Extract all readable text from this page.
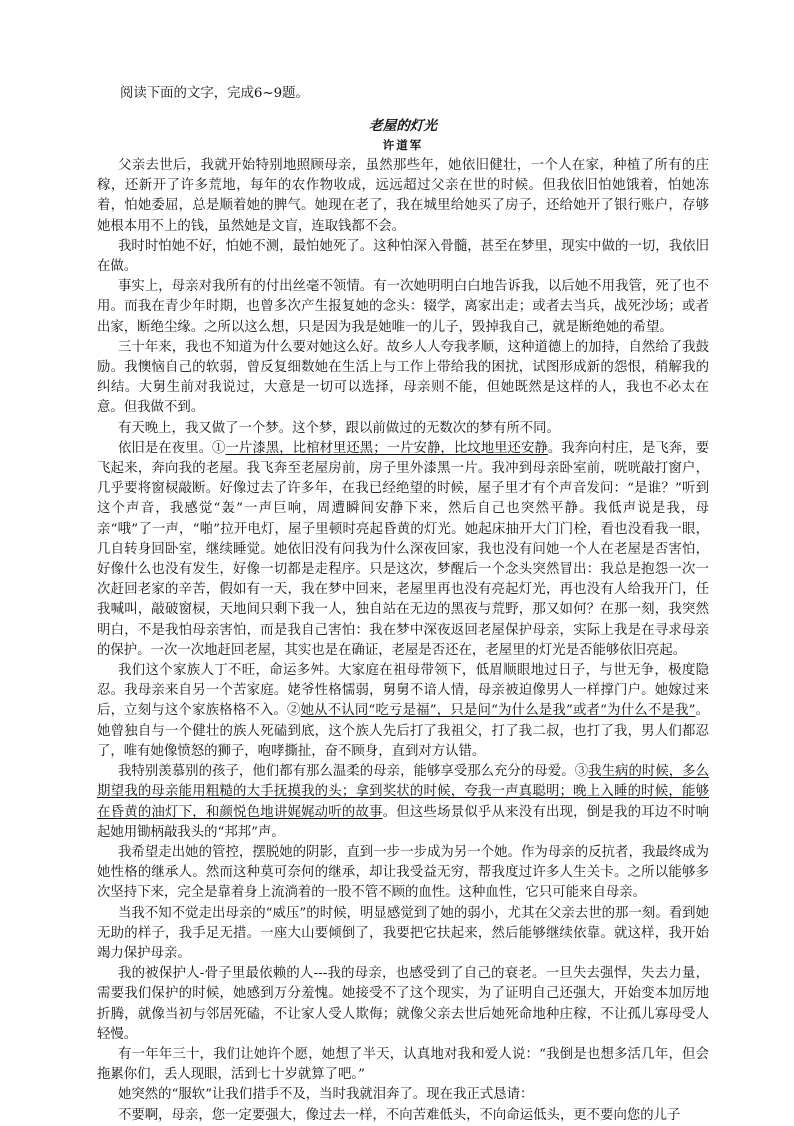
阅读下面的文字，完成6~9题。

老屋的灯光
许道军

父亲去世后，我就开始特别地照顾母亲，虽然那些年，她依旧健壮，一个人在家，种植了所有的庄稼，还新开了许多荒地，每年的农作物收成，远远超过父亲在世的时候。但我依旧怕她饿着，怕她冻着，怕她委屈，总是顺着她的脾气。她现在老了，我在城里给她买了房子，还给她开了银行账户，存够她根本用不上的钱，虽然她是文盲，连取钱都不会。

我时时怕她不好，怕她不测，最怕她死了。这种怕深入骨髓，甚至在梦里，现实中做的一切，我依旧在做。

事实上，母亲对我所有的付出丝毫不领情。有一次她明明白白地告诉我，以后她不用我管，死了也不用。而我在青少年时期，也曾多次产生报复她的念头：辍学，离家出走；或者去当兵，战死沙场；或者出家，断绝尘缘。之所以这么想，只是因为我是她唯一的儿子，毁掉我自己，就是断绝她的希望。

三十年来，我也不知道为什么要对她这么好。故乡人人夸我孝顺，这种道德上的加持，自然给了我鼓励。我懊恼自己的软弱，曾反复细数她在生活上与工作上带给我的困扰，试图形成新的怨恨，稍解我的纠结。大舅生前对我说过，大意是一切可以选择，母亲则不能，但她既然是这样的人，我也不必太在意。但我做不到。

有天晚上，我又做了一个梦。这个梦，跟以前做过的无数次的梦有所不同。

依旧是在夜里。①一片漆黑，比棺材里还黑；一片安静，比坟地里还安静。我奔向村庄，是飞奔，要飞起来，奔向我的老屋。我飞奔至老屋房前，房子里外漆黑一片。我冲到母亲卧室前，咣咣敲打窗户，几乎要将窗棂敲断。好像过去了许多年，在我已经绝望的时候，屋子里才有个声音发问：“是谁？”听到这个声音，我感觉“轰”一声巨响，周遭瞬间安静下来，然后自己也突然平静。我低声说是我，母亲“哦”了一声，“啪”拉开电灯，屋子里顿时亮起昏黄的灯光。她起床抽开大门门栓，看也没看我一眼，几自转身回卧室，继续睡觉。她依旧没有问我为什么深夜回家，我也没有问她一个人在老屋是否害怕，好像什么也没有发生，好像一切都是走程序。只是这次，梦醒后一个念头突然冒出：我总是抱怨一次一次赶回老家的辛苦，假如有一天，我在梦中回来，老屋里再也没有亮起灯光，再也没有人给我开门，任我喊叫，敲破窗棂，天地间只剩下我一人，独自站在无边的黑夜与荒野，那又如何？在那一刻，我突然明白，不是我怕母亲害怕，而是我自己害怕：我在梦中深夜返回老屋保护母亲，实际上我是在寻求母亲的保护。一次一次地赶回老屋，其实也是在确证，老屋是否还在，老屋里的灯光是否能够依旧亮起。

我们这个家族人丁不旺，命运多舛。大家庭在祖母带领下，低眉顺眼地过日子，与世无争，极度隐忍。我母亲来自另一个苦家庭。姥爷性格懦弱，舅舅不谙人情，母亲被迫像男人一样撑门户。她嫁过来后，立刻与这个家族格格不入。②她从不认同“吃亏是福”，只是问“为什么是我”或者“为什么不是我”。她曾独自与一个健壮的族人死磕到底，这个族人先后打了我祖父，打了我二叔，也打了我，男人们都忍了，唯有她像愤怒的狮子，咆哮撕扯，奋不顾身，直到对方认错。

我特别羡慕别的孩子，他们都有那么温柔的母亲，能够享受那么充分的母爱。③我生病的时候，多么期望我的母亲能用粗糙的大手抚摸我的头；拿到奖状的时候，夸我一声真聪明；晚上入睡的时候，能够在昏黄的油灯下，和颜悦色地讲娓娓动听的故事。但这些场景似乎从来没有出现，倒是我的耳边不时响起她用锄柄敲我头的“邦邦”声。

我希望走出她的管控，摆脱她的阴影，直到一步一步成为另一个她。作为母亲的反抗者，我最终成为她性格的继承人。然而这种莫可奈何的继承，却让我受益无穷，帮我度过许多人生关卡。之所以能够多次坚持下来，完全是靠着身上流淌着的一股不管不顾的血性。这种血性，它只可能来自母亲。

当我不知不觉走出母亲的“威压”的时候，明显感觉到了她的弱小，尤其在父亲去世的那一刻。看到她无助的样子，我手足无措。一座大山要倾倒了，我要把它扶起来，然后能够继续依靠。就这样，我开始竭力保护母亲。

我的被保护人-骨子里最依赖的人---我的母亲，也感受到了自己的衰老。一旦失去强悍，失去力量，需要我们保护的时候，她感到万分羞愧。她接受不了这个现实，为了证明自己还强大，开始变本加厉地折腾，就像当初与邻居死磕，不让家人受人欺侮；就像父亲去世后她死命地种庄稼，不让孤儿寡母受人轻慢。

有一年年三十，我们让她许个愿，她想了半天，认真地对我和爱人说：“我倒是也想多活几年，但会拖累你们，丢人现眼，活到七十岁就算了吧。”

她突然的“服软”让我们措手不及，当时我就泪奔了。现在我正式恳请：

不要啊，母亲，您一定要强大，像过去一样，不向苦难低头，不向命运低头，更不要向您的儿子
